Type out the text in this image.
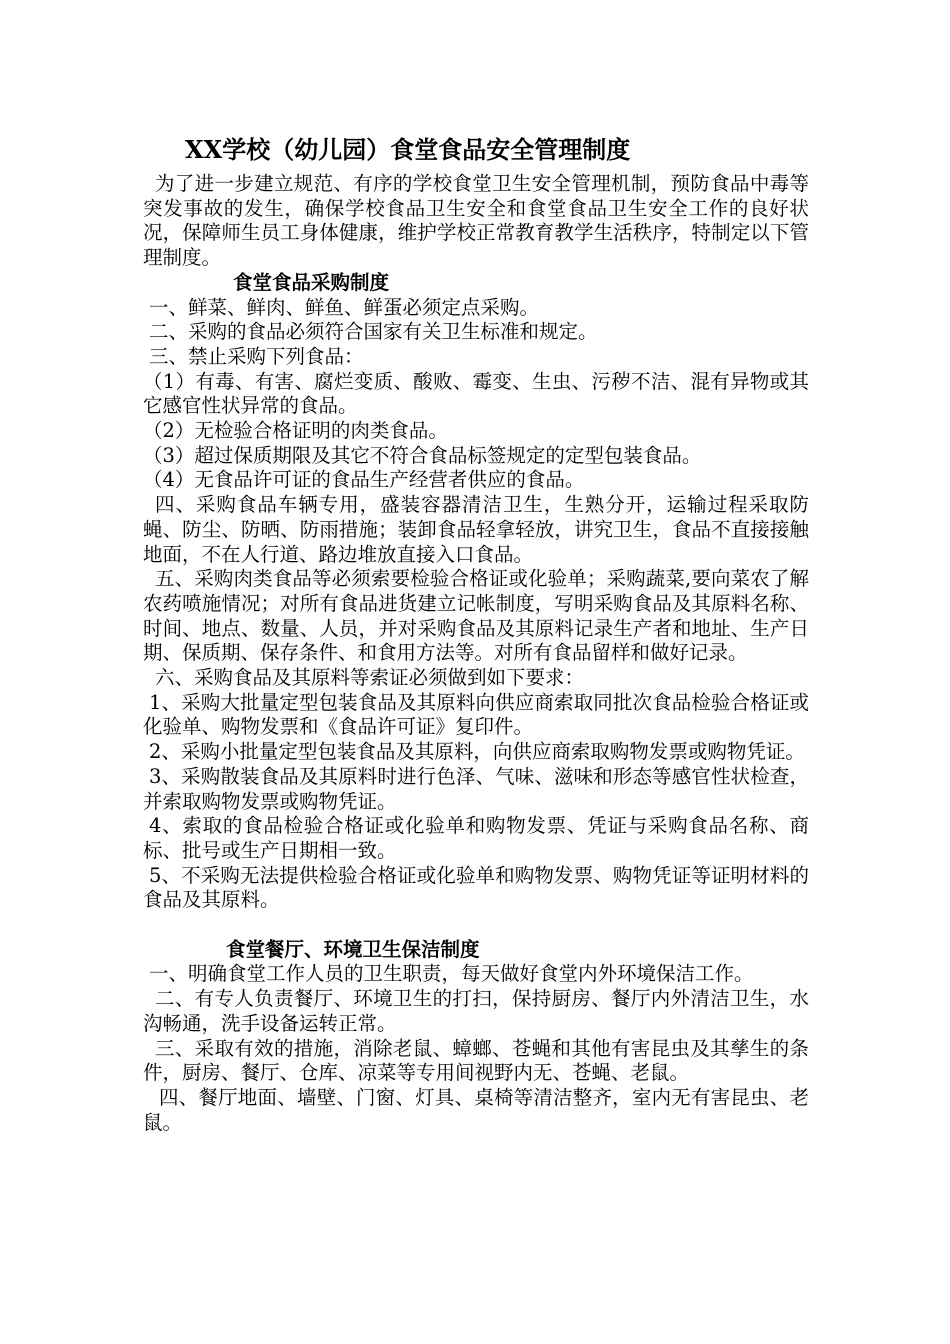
XX学校（幼儿园）食堂食品安全管理制度

为了进一步建立规范、有序的学校食堂卫生安全管理机制，预防食品中毒等突发事故的发生，确保学校食品卫生安全和食堂食品卫生安全工作的良好状况，保障师生员工身体健康，维护学校正常教育教学生活秩序，特制定以下管理制度。

食堂食品采购制度

一、鲜菜、鲜肉、鲜鱼、鲜蛋必须定点采购。

二、采购的食品必须符合国家有关卫生标准和规定。

三、禁止采购下列食品：

（1）有毒、有害、腐烂变质、酸败、霉变、生虫、污秽不洁、混有异物或其它感官性状异常的食品。

（2）无检验合格证明的肉类食品。

（3）超过保质期限及其它不符合食品标签规定的定型包装食品。

（4）无食品许可证的食品生产经营者供应的食品。

四、采购食品车辆专用，盛装容器清洁卫生，生熟分开，运输过程采取防蝇、防尘、防晒、防雨措施；装卸食品轻拿轻放，讲究卫生，食品不直接接触地面，不在人行道、路边堆放直接入口食品。

五、采购肉类食品等必须索要检验合格证或化验单；采购蔬菜,要向菜农了解农药喷施情况；对所有食品进货建立记帐制度，写明采购食品及其原料名称、时间、地点、数量、人员，并对采购食品及其原料记录生产者和地址、生产日期、保质期、保存条件、和食用方法等。对所有食品留样和做好记录。

六、采购食品及其原料等索证必须做到如下要求：

1、采购大批量定型包装食品及其原料向供应商索取同批次食品检验合格证或化验单、购物发票和《食品许可证》复印件。

2、采购小批量定型包装食品及其原料，向供应商索取购物发票或购物凭证。

3、采购散装食品及其原料时进行色泽、气味、滋味和形态等感官性状检查，并索取购物发票或购物凭证。

4、索取的食品检验合格证或化验单和购物发票、凭证与采购食品名称、商标、批号或生产日期相一致。

5、不采购无法提供检验合格证或化验单和购物发票、购物凭证等证明材料的食品及其原料。

食堂餐厅、环境卫生保洁制度

一、明确食堂工作人员的卫生职责，每天做好食堂内外环境保洁工作。

二、有专人负责餐厅、环境卫生的打扫，保持厨房、餐厅内外清洁卫生，水沟畅通，洗手设备运转正常。

三、采取有效的措施，消除老鼠、蟑螂、苍蝇和其他有害昆虫及其孳生的条件，厨房、餐厅、仓库、凉菜等专用间视野内无、苍蝇、老鼠。

四、餐厅地面、墙壁、门窗、灯具、桌椅等清洁整齐，室内无有害昆虫、老鼠。
